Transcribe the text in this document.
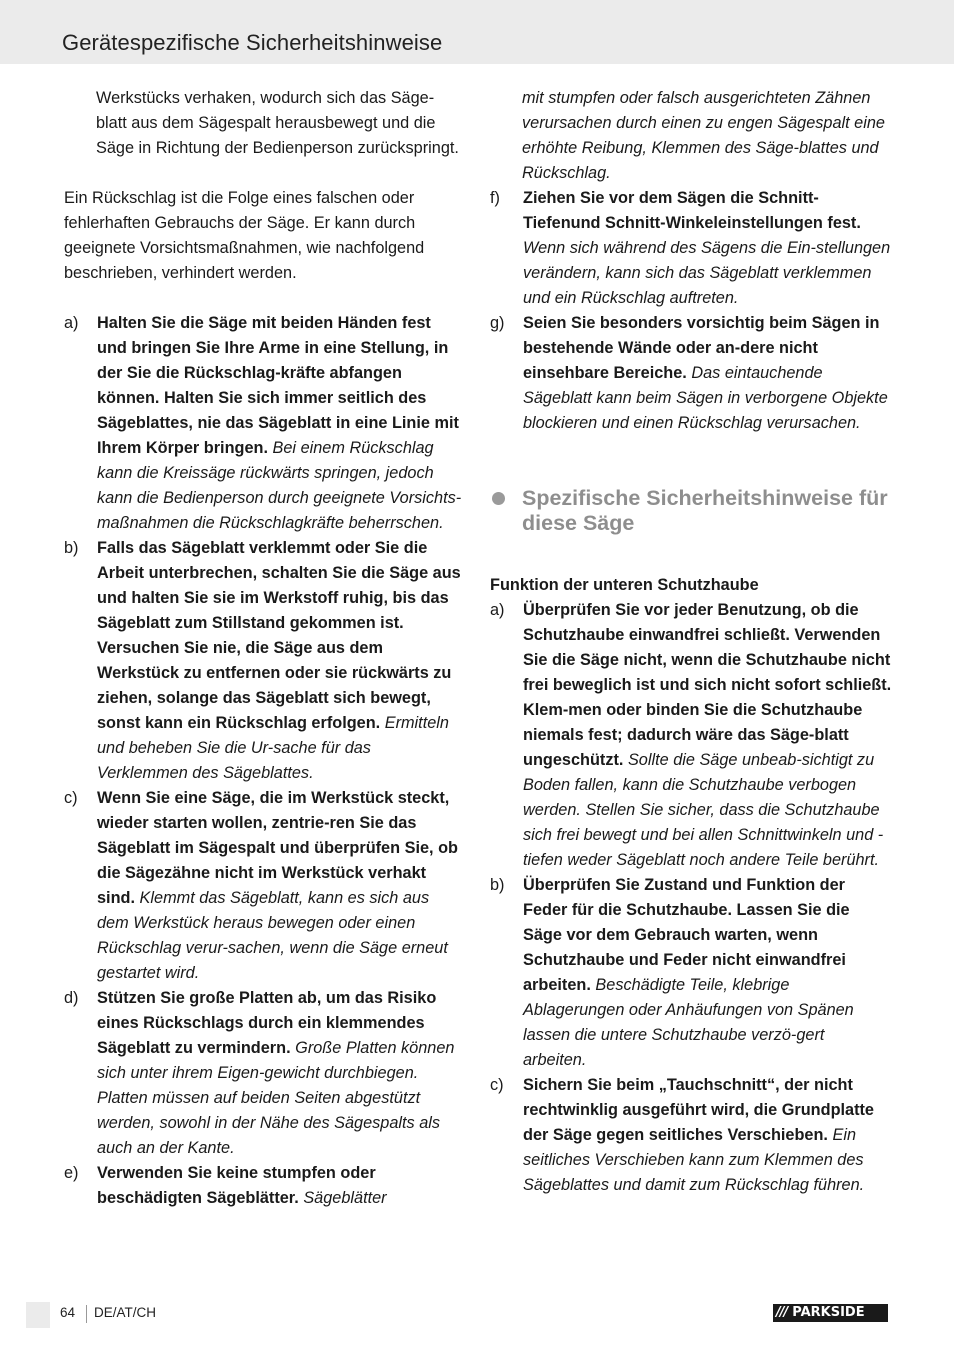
Gerätespezifische Sicherheitshinweise

Werkstücks verhaken, wodurch sich das Säge-blatt aus dem Sägespalt herausbewegt und die Säge in Richtung der Bedienperson zurückspringt.

Ein Rückschlag ist die Folge eines falschen oder fehlerhaften Gebrauchs der Säge. Er kann durch geeignete Vorsichtsmaßnahmen, wie nachfolgend beschrieben, verhindert werden.

a)	Halten Sie die Säge mit beiden Händen fest und bringen Sie Ihre Arme in eine Stellung, in der Sie die Rückschlag-kräfte abfangen können. Halten Sie sich immer seitlich des Sägeblattes, nie das Sägeblatt in eine Linie mit Ihrem Körper bringen. Bei einem Rückschlag kann die Kreissäge rückwärts springen, jedoch kann die Bedienperson durch geeignete Vorsichts-maßnahmen die Rückschlagkräfte beherrschen.
b)	Falls das Sägeblatt verklemmt oder Sie die Arbeit unterbrechen, schalten Sie die Säge aus und halten Sie sie im Werkstoff ruhig, bis das Sägeblatt zum Stillstand gekommen ist. Versuchen Sie nie, die Säge aus dem Werkstück zu entfernen oder sie rückwärts zu ziehen, solange das Sägeblatt sich bewegt, sonst kann ein Rückschlag erfolgen. Ermitteln und beheben Sie die Ur-sache für das Verklemmen des Sägeblattes.
c)	Wenn Sie eine Säge, die im Werkstück steckt, wieder starten wollen, zentrie-ren Sie das Sägeblatt im Sägespalt und überprüfen Sie, ob die Sägezähne nicht im Werkstück verhakt sind. Klemmt das Sägeblatt, kann es sich aus dem Werkstück heraus bewegen oder einen Rückschlag verur-sachen, wenn die Säge erneut gestartet wird.
d)	Stützen Sie große Platten ab, um das Risiko eines Rückschlags durch ein klemmendes Sägeblatt zu vermindern. Große Platten können sich unter ihrem Eigen-gewicht durchbiegen. Platten müssen auf beiden Seiten abgestützt werden, sowohl in der Nähe des Sägespalts als auch an der Kante.
e)	Verwenden Sie keine stumpfen oder beschädigten Sägeblätter. Sägeblätter

mit stumpfen oder falsch ausgerichteten Zähnen verursachen durch einen zu engen Sägespalt eine erhöhte Reibung, Klemmen des Säge-blattes und Rückschlag.

f)	Ziehen Sie vor dem Sägen die Schnitt-Tiefenund Schnitt-Winkeleinstellungen fest. Wenn sich während des Sägens die Ein-stellungen verändern, kann sich das Sägeblatt verklemmen und ein Rückschlag auftreten.
g)	Seien Sie besonders vorsichtig beim Sägen in bestehende Wände oder an-dere nicht einsehbare Bereiche. Das eintauchende Sägeblatt kann beim Sägen in verborgene Objekte blockieren und einen Rückschlag verursachen.
Spezifische Sicherheitshinweise für diese Säge
Funktion der unteren Schutzhaube
a)	Überprüfen Sie vor jeder Benutzung, ob die Schutzhaube einwandfrei schließt. Verwenden Sie die Säge nicht, wenn die Schutzhaube nicht frei beweglich ist und sich nicht sofort schließt. Klem-men oder binden Sie die Schutzhaube niemals fest; dadurch wäre das Säge-blatt ungeschützt. Sollte die Säge unbeab-sichtigt zu Boden fallen, kann die Schutzhaube verbogen werden. Stellen Sie sicher, dass die Schutzhaube sich frei bewegt und bei allen Schnittwinkeln und -tiefen weder Sägeblatt noch andere Teile berührt.
b)	Überprüfen Sie Zustand und Funktion der Feder für die Schutzhaube. Lassen Sie die Säge vor dem Gebrauch warten, wenn Schutzhaube und Feder nicht einwandfrei arbeiten. Beschädigte Teile, klebrige Ablagerungen oder Anhäufungen von Spänen lassen die untere Schutzhaube verzö-gert arbeiten.
c)	Sichern Sie beim „Tauchschnitt“, der nicht rechtwinklig ausgeführt wird, die Grundplatte der Säge gegen seitliches Verschieben. Ein seitliches Verschieben kann zum Klemmen des Sägeblattes und damit zum Rückschlag führen.
64 DE/AT/CH	/// PARKSIDE
